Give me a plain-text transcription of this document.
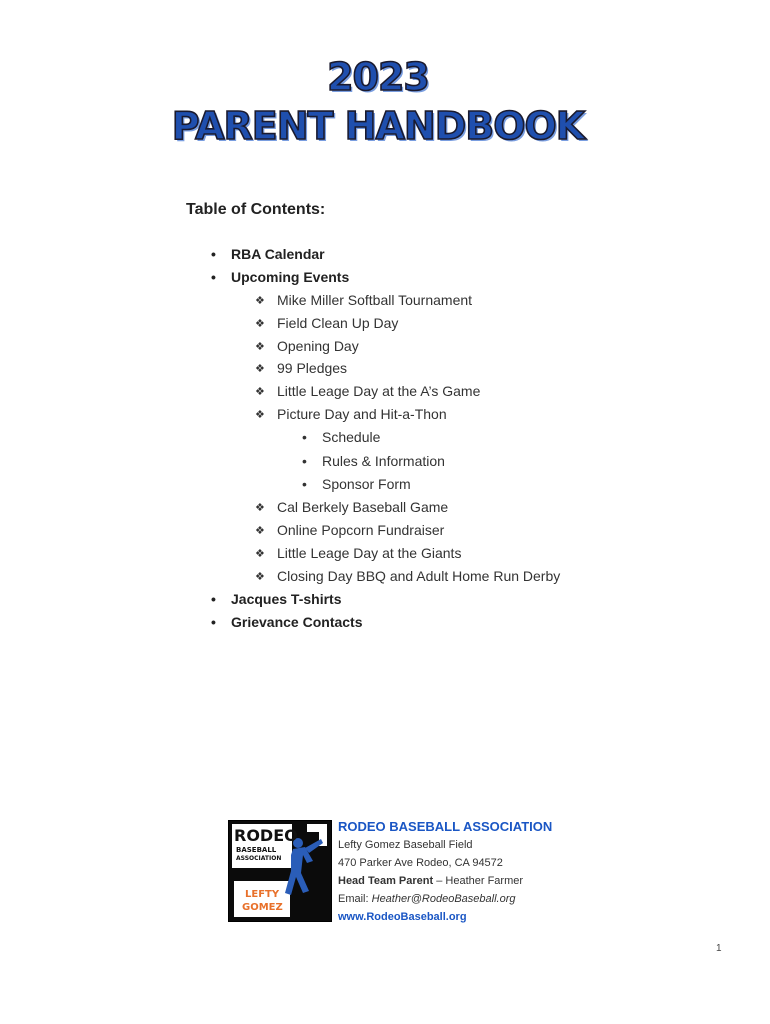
2023
PARENT HANDBOOK
Table of Contents:
• RBA Calendar
• Upcoming Events
❖ Mike Miller Softball Tournament
❖ Field Clean Up Day
❖ Opening Day
❖ 99 Pledges
❖ Little Leage Day at the A’s Game
❖ Picture Day and Hit-a-Thon
• Schedule
• Rules & Information
• Sponsor Form
❖ Cal Berkely Baseball Game
❖ Online Popcorn Fundraiser
❖ Little Leage Day at the Giants
❖ Closing Day BBQ and Adult Home Run Derby
• Jacques T-shirts
• Grievance Contacts
RODEO
BASEBALL
ASSOCIATION
LEFTY
GOMEZ
RODEO BASEBALL ASSOCIATION
Lefty Gomez Baseball Field
470 Parker Ave Rodeo, CA 94572
Head Team Parent – Heather Farmer
Email: Heather@RodeoBaseball.org
www.RodeoBaseball.org
1
